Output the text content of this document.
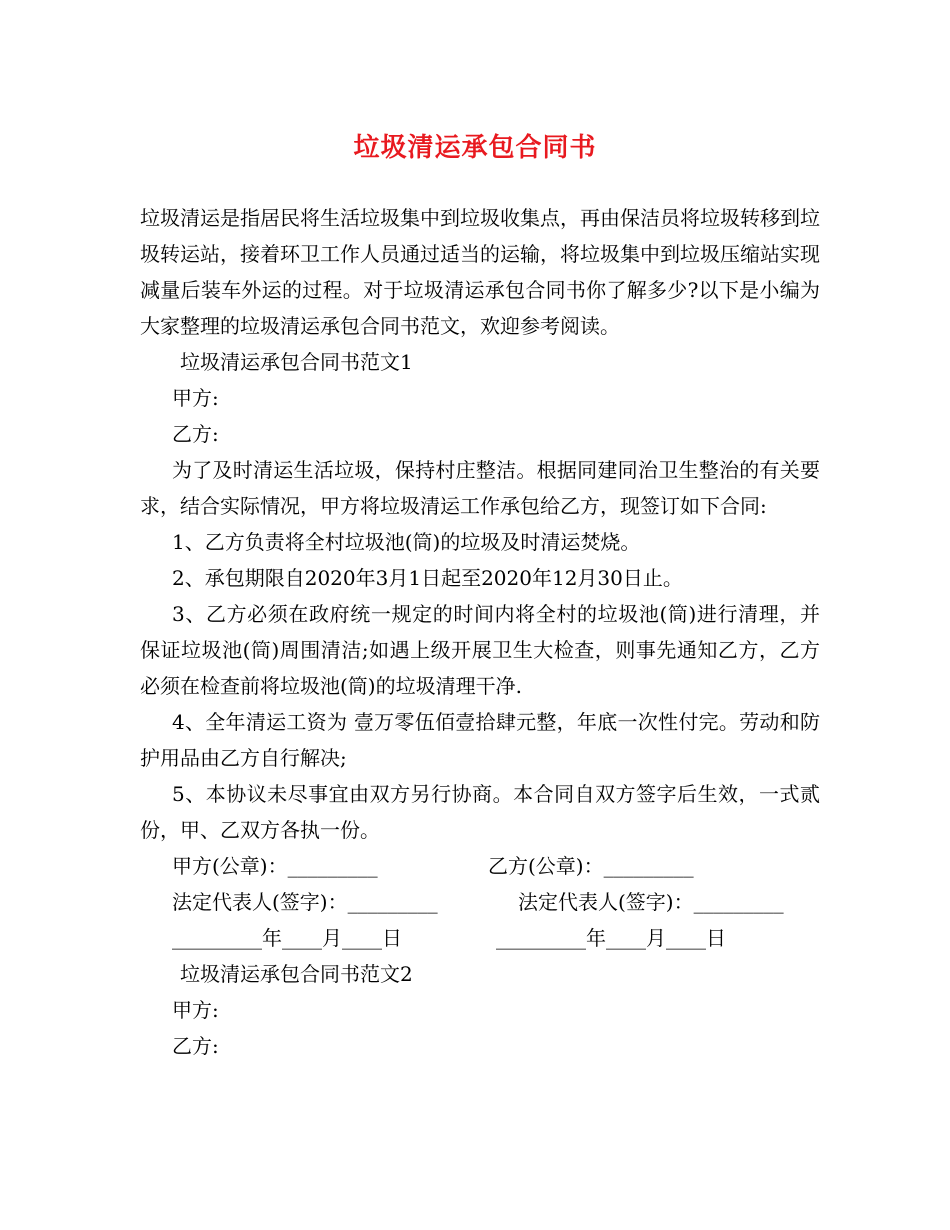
垃圾清运承包合同书

垃圾清运是指居民将生活垃圾集中到垃圾收集点，再由保洁员将垃圾转移到垃圾转运站，接着环卫工作人员通过适当的运输，将垃圾集中到垃圾压缩站实现减量后装车外运的过程。对于垃圾清运承包合同书你了解多少?以下是小编为大家整理的垃圾清运承包合同书范文，欢迎参考阅读。

垃圾清运承包合同书范文1

甲方:

乙方:

为了及时清运生活垃圾，保持村庄整洁。根据同建同治卫生整治的有关要求，结合实际情况，甲方将垃圾清运工作承包给乙方，现签订如下合同:

1、乙方负责将全村垃圾池(筒)的垃圾及时清运焚烧。

2、承包期限自2020年3月1日起至2020年12月30日止。

3、乙方必须在政府统一规定的时间内将全村的垃圾池(筒)进行清理，并保证垃圾池(筒)周围清洁;如遇上级开展卫生大检查，则事先通知乙方，乙方必须在检查前将垃圾池(筒)的垃圾清理干净.

4、全年清运工资为 壹万零伍佰壹拾肆元整，年底一次性付完。劳动和防护用品由乙方自行解决;

5、本协议未尽事宜由双方另行协商。本合同自双方签字后生效，一式贰份，甲、乙双方各执一份。

甲方(公章)：_________	乙方(公章)：_________
法定代表人(签字)：_________	法定代表人(签字)：_________
_________年____月____日	_________年____月____日

垃圾清运承包合同书范文2

甲方:

乙方:
